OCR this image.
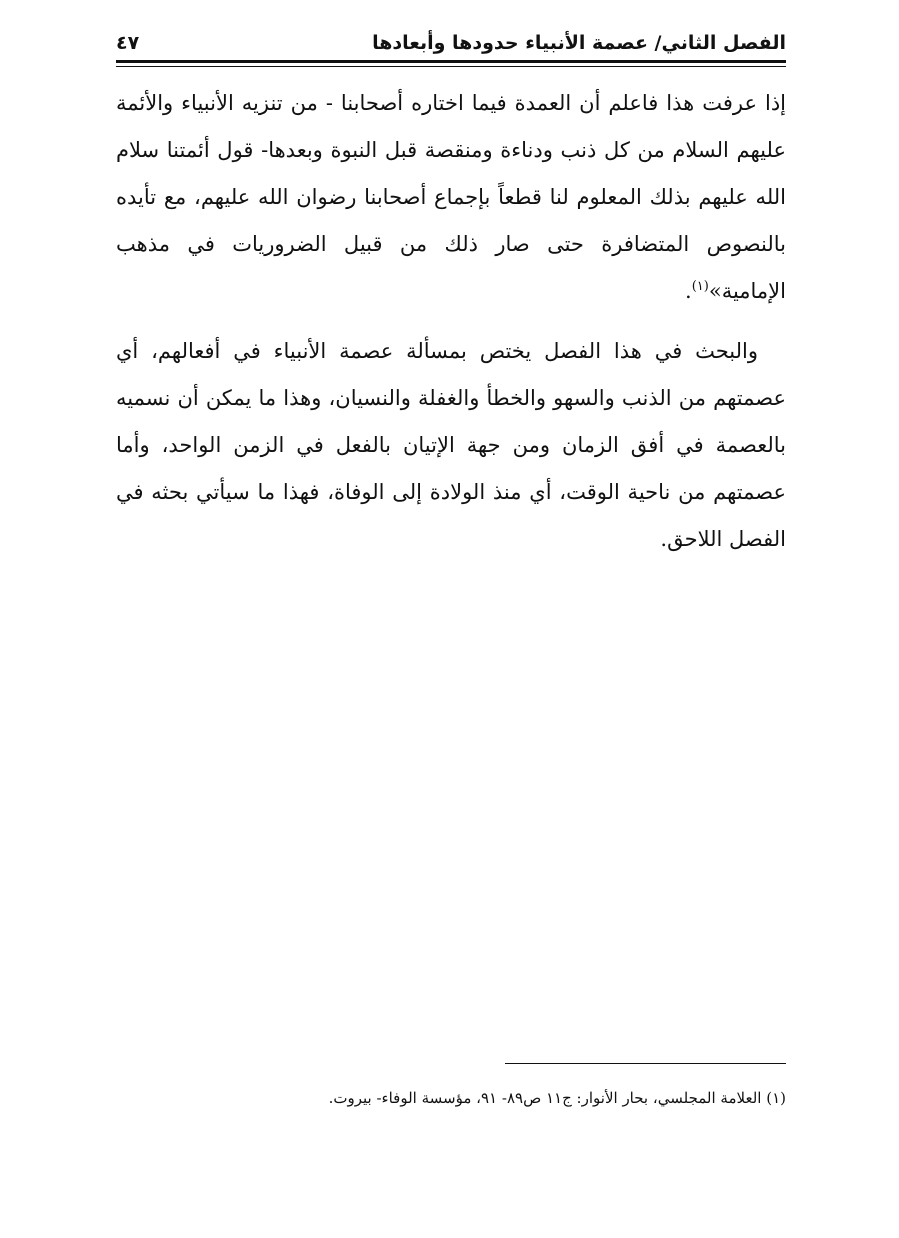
الفصل الثاني/ عصمة الأنبياء حدودها وأبعادها
٤٧

إذا عرفت هذا فاعلم أن العمدة فيما اختاره أصحابنا - من تنزيه الأنبياء والأئمة عليهم السلام من كل ذنب ودناءة ومنقصة قبل النبوة وبعدها- قول أئمتنا سلام الله عليهم بذلك المعلوم لنا قطعاً بإجماع أصحابنا رضوان الله عليهم، مع تأيده بالنصوص المتضافرة حتى صار ذلك من قبيل الضروريات في مذهب الإمامية»$^{(١)}$.

والبحث في هذا الفصل يختص بمسألة عصمة الأنبياء في أفعالهم، أي عصمتهم من الذنب والسهو والخطأ والغفلة والنسيان، وهذا ما يمكن أن نسميه بالعصمة في أفق الزمان ومن جهة الإتيان بالفعل في الزمن الواحد، وأما عصمتهم من ناحية الوقت، أي منذ الولادة إلى الوفاة، فهذا ما سيأتي بحثه في الفصل اللاحق.

(١) العلامة المجلسي، بحار الأنوار: ج١١ ص٨٩- ٩١، مؤسسة الوفاء- بيروت.
